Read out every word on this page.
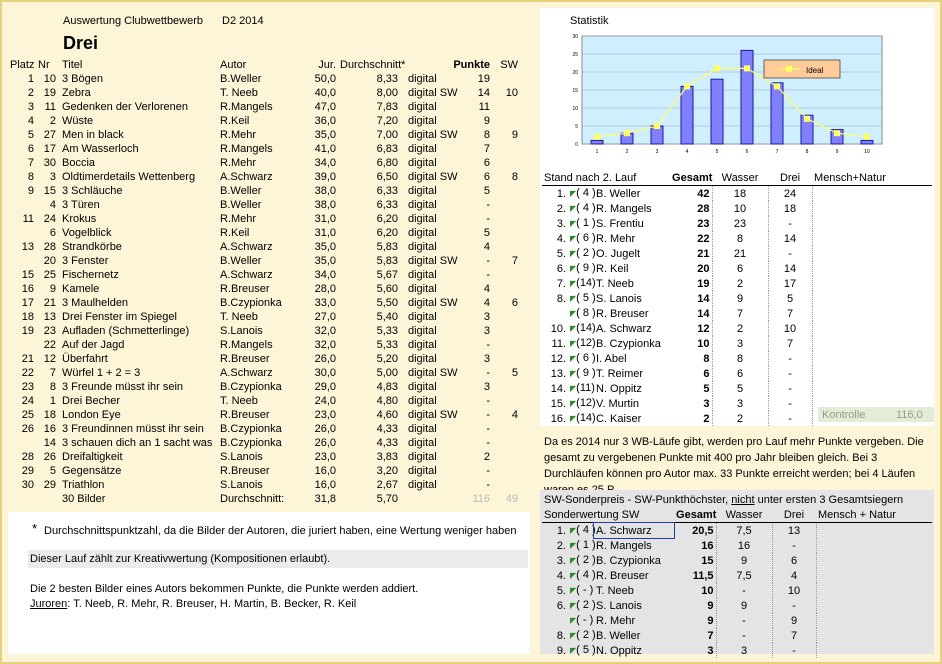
Auswertung Clubwettbewerb D2 2014
Drei
Platz	Nr	Titel	Autor	Jur.	Durchschnitt*		Punkte	SW
1	10	3 Bögen	B.Weller	50,0	8,33	digital	19	
2	19	Zebra	T. Neeb	40,0	8,00	digital SW	14	10
3	11	Gedenken der Verlorenen	R.Mangels	47,0	7,83	digital	11	
4	2	Wüste	R.Keil	36,0	7,20	digital	9	
5	27	Men in black	R.Mehr	35,0	7,00	digital SW	8	9
6	17	Am Wasserloch	R.Mangels	41,0	6,83	digital	7	
7	30	Boccia	R.Mehr	34,0	6,80	digital	6	
8	3	Oldtimerdetails Wettenberg	A.Schwarz	39,0	6,50	digital SW	6	8
9	15	3 Schläuche	B.Weller	38,0	6,33	digital	5	
	4	3 Türen	B.Weller	38,0	6,33	digital	-	
11	24	Krokus	R.Mehr	31,0	6,20	digital	-	
	6	Vogelblick	R.Keil	31,0	6,20	digital	5	
13	28	Strandkörbe	A.Schwarz	35,0	5,83	digital	4	
	20	3 Fenster	B.Weller	35,0	5,83	digital SW	-	7
15	25	Fischernetz	A.Schwarz	34,0	5,67	digital	-	
16	9	Kamele	R.Breuser	28,0	5,60	digital	4	
17	21	3 Maulhelden	B.Czypionka	33,0	5,50	digital SW	4	6
18	13	Drei Fenster im Spiegel	T. Neeb	27,0	5,40	digital	3	
19	23	Aufladen (Schmetterlinge)	S.Lanois	32,0	5,33	digital	3	
	22	Auf der Jagd	R.Mangels	32,0	5,33	digital	-	
21	12	Überfahrt	R.Breuser	26,0	5,20	digital	3	
22	7	Würfel 1 + 2 = 3	A.Schwarz	30,0	5,00	digital SW	-	5
23	8	3 Freunde müsst ihr sein	B.Czypionka	29,0	4,83	digital	3	
24	1	Drei Becher	T. Neeb	24,0	4,80	digital	-	
25	18	London Eye	R.Breuser	23,0	4,60	digital SW	-	4
26	16	3 Freundinnen müsst ihr sein	B.Czypionka	26,0	4,33	digital	-	
	14	3 schauen dich an 1 sacht was	B.Czypionka	26,0	4,33	digital	-	
28	26	Dreifaltigkeit	S.Lanois	23,0	3,83	digital	2	
29	5	Gegensätze	R.Breuser	16,0	3,20	digital	-	
30	29	Triathlon	S.Lanois	16,0	2,67	digital	-	
		30 Bilder	Durchschnitt:	31,8	5,70		116	49
* Durchschnittspunktzahl, da die Bilder der Autoren, die juriert haben, eine Wertung weniger haben
Dieser Lauf zählt zur Kreativwertung (Kompositionen erlaubt).
Die 2 besten Bilder eines Autors bekommen Punkte, die Punkte werden addiert.
Juroren: T. Neeb, R. Mehr, R. Breuser, H. Martin, B. Becker, R. Keil
Statistik
0
5
10
15
20
25
30
1	2	3	4	5	6	7	8	9	10
Ideal
Stand nach 2. Lauf			Gesamt	Wasser	Drei	Mensch+Natur
1.	◤( 4 )	B. Weller	42	18	24	
2.	◤( 4 )	R. Mangels	28	10	18	
3.	◤( 1 )	S. Frentiu	23	23	-	
4.	◤( 6 )	R. Mehr	22	8	14	
5.	◤( 2 )	O. Jugelt	21	21	-	
6.	◤( 9 )	R. Keil	20	6	14	
7.	◤(14)	T. Neeb	19	2	17	
8.	◤( 5 )	S. Lanois	14	9	5	
	◤( 8 )	R. Breuser	14	7	7	
10.	◤(14)	A. Schwarz	12	2	10	
11.	◤(12)	B. Czypionka	10	3	7	
12.	◤( 6 )	I. Abel	8	8	-	
13.	◤( 9 )	T. Reimer	6	6	-	
14.	◤(11)	N. Oppitz	5	5	-	
15.	◤(12)	V. Murtin	3	3	-	
16.	◤(14)	C. Kaiser	2	2	-		Kontrolle	116,0
Da es 2014 nur 3 WB-Läufe gibt, werden pro Lauf mehr Punkte vergeben. Die gesamt zu vergebenen Punkte mit 400 pro Jahr bleiben gleich. Bei 3 Durchläufen können pro Autor max. 33 Punkte erreicht werden; bei 4 Läufen
SW-Sonderpreis - SW-Punkthöchster, nicht unter ersten 3 Gesamtsiegern
Sonderwertung SW			Gesamt	Wasser	Drei	Mensch + Natur
1.	◤( 4 )	A. Schwarz	20,5	7,5	13	
2.	◤( 1 )	R. Mangels	16	16	-	
3.	◤( 2 )	B. Czypionka	15	9	6	
4.	◤( 4 )	R. Breuser	11,5	7,5	4	
5.	◤( - )	T. Neeb	10	-	10	
6.	◤( 2 )	S. Lanois	9	9	-	
	◤( - )	R. Mehr	9	-	9	
8.	◤( 2 )	B. Weller	7	-	7	
9.	◤( 5 )	N. Oppitz	3	3	-	
